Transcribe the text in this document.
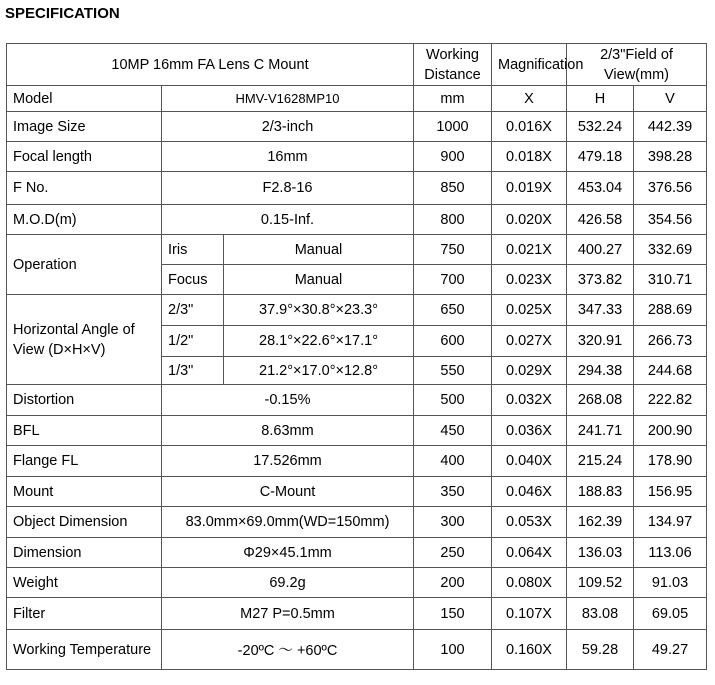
SPECIFICATION
10MP 16mm FA Lens C Mount			Working Distance	Magnification	2/3"Field of View(mm)	
Model	HMV-V1628MP10		mm	X	H	V
Image Size	2/3-inch		1000	0.016X	532.24	442.39
Focal length	16mm		900	0.018X	479.18	398.28
F No.	F2.8-16		850	0.019X	453.04	376.56
M.O.D(m)	0.15-Inf.		800	0.020X	426.58	354.56
Operation	Iris	Manual	750	0.021X	400.27	332.69
	Focus	Manual	700	0.023X	373.82	310.71
Horizontal Angle of View (D×H×V)	2/3"	37.9°×30.8°×23.3°	650	0.025X	347.33	288.69
	1/2"	28.1°×22.6°×17.1°	600	0.027X	320.91	266.73
	1/3"	21.2°×17.0°×12.8°	550	0.029X	294.38	244.68
Distortion	-0.15%		500	0.032X	268.08	222.82
BFL	8.63mm		450	0.036X	241.71	200.90
Flange FL	17.526mm		400	0.040X	215.24	178.90
Mount	C-Mount		350	0.046X	188.83	156.95
Object Dimension	83.0mm×69.0mm(WD=150mm)		300	0.053X	162.39	134.97
Dimension	Φ29×45.1mm		250	0.064X	136.03	113.06
Weight	69.2g		200	0.080X	109.52	91.03
Filter	M27 P=0.5mm		150	0.107X	83.08	69.05
Working Temperature	-20ºC ～ +60ºC		100	0.160X	59.28	49.27
